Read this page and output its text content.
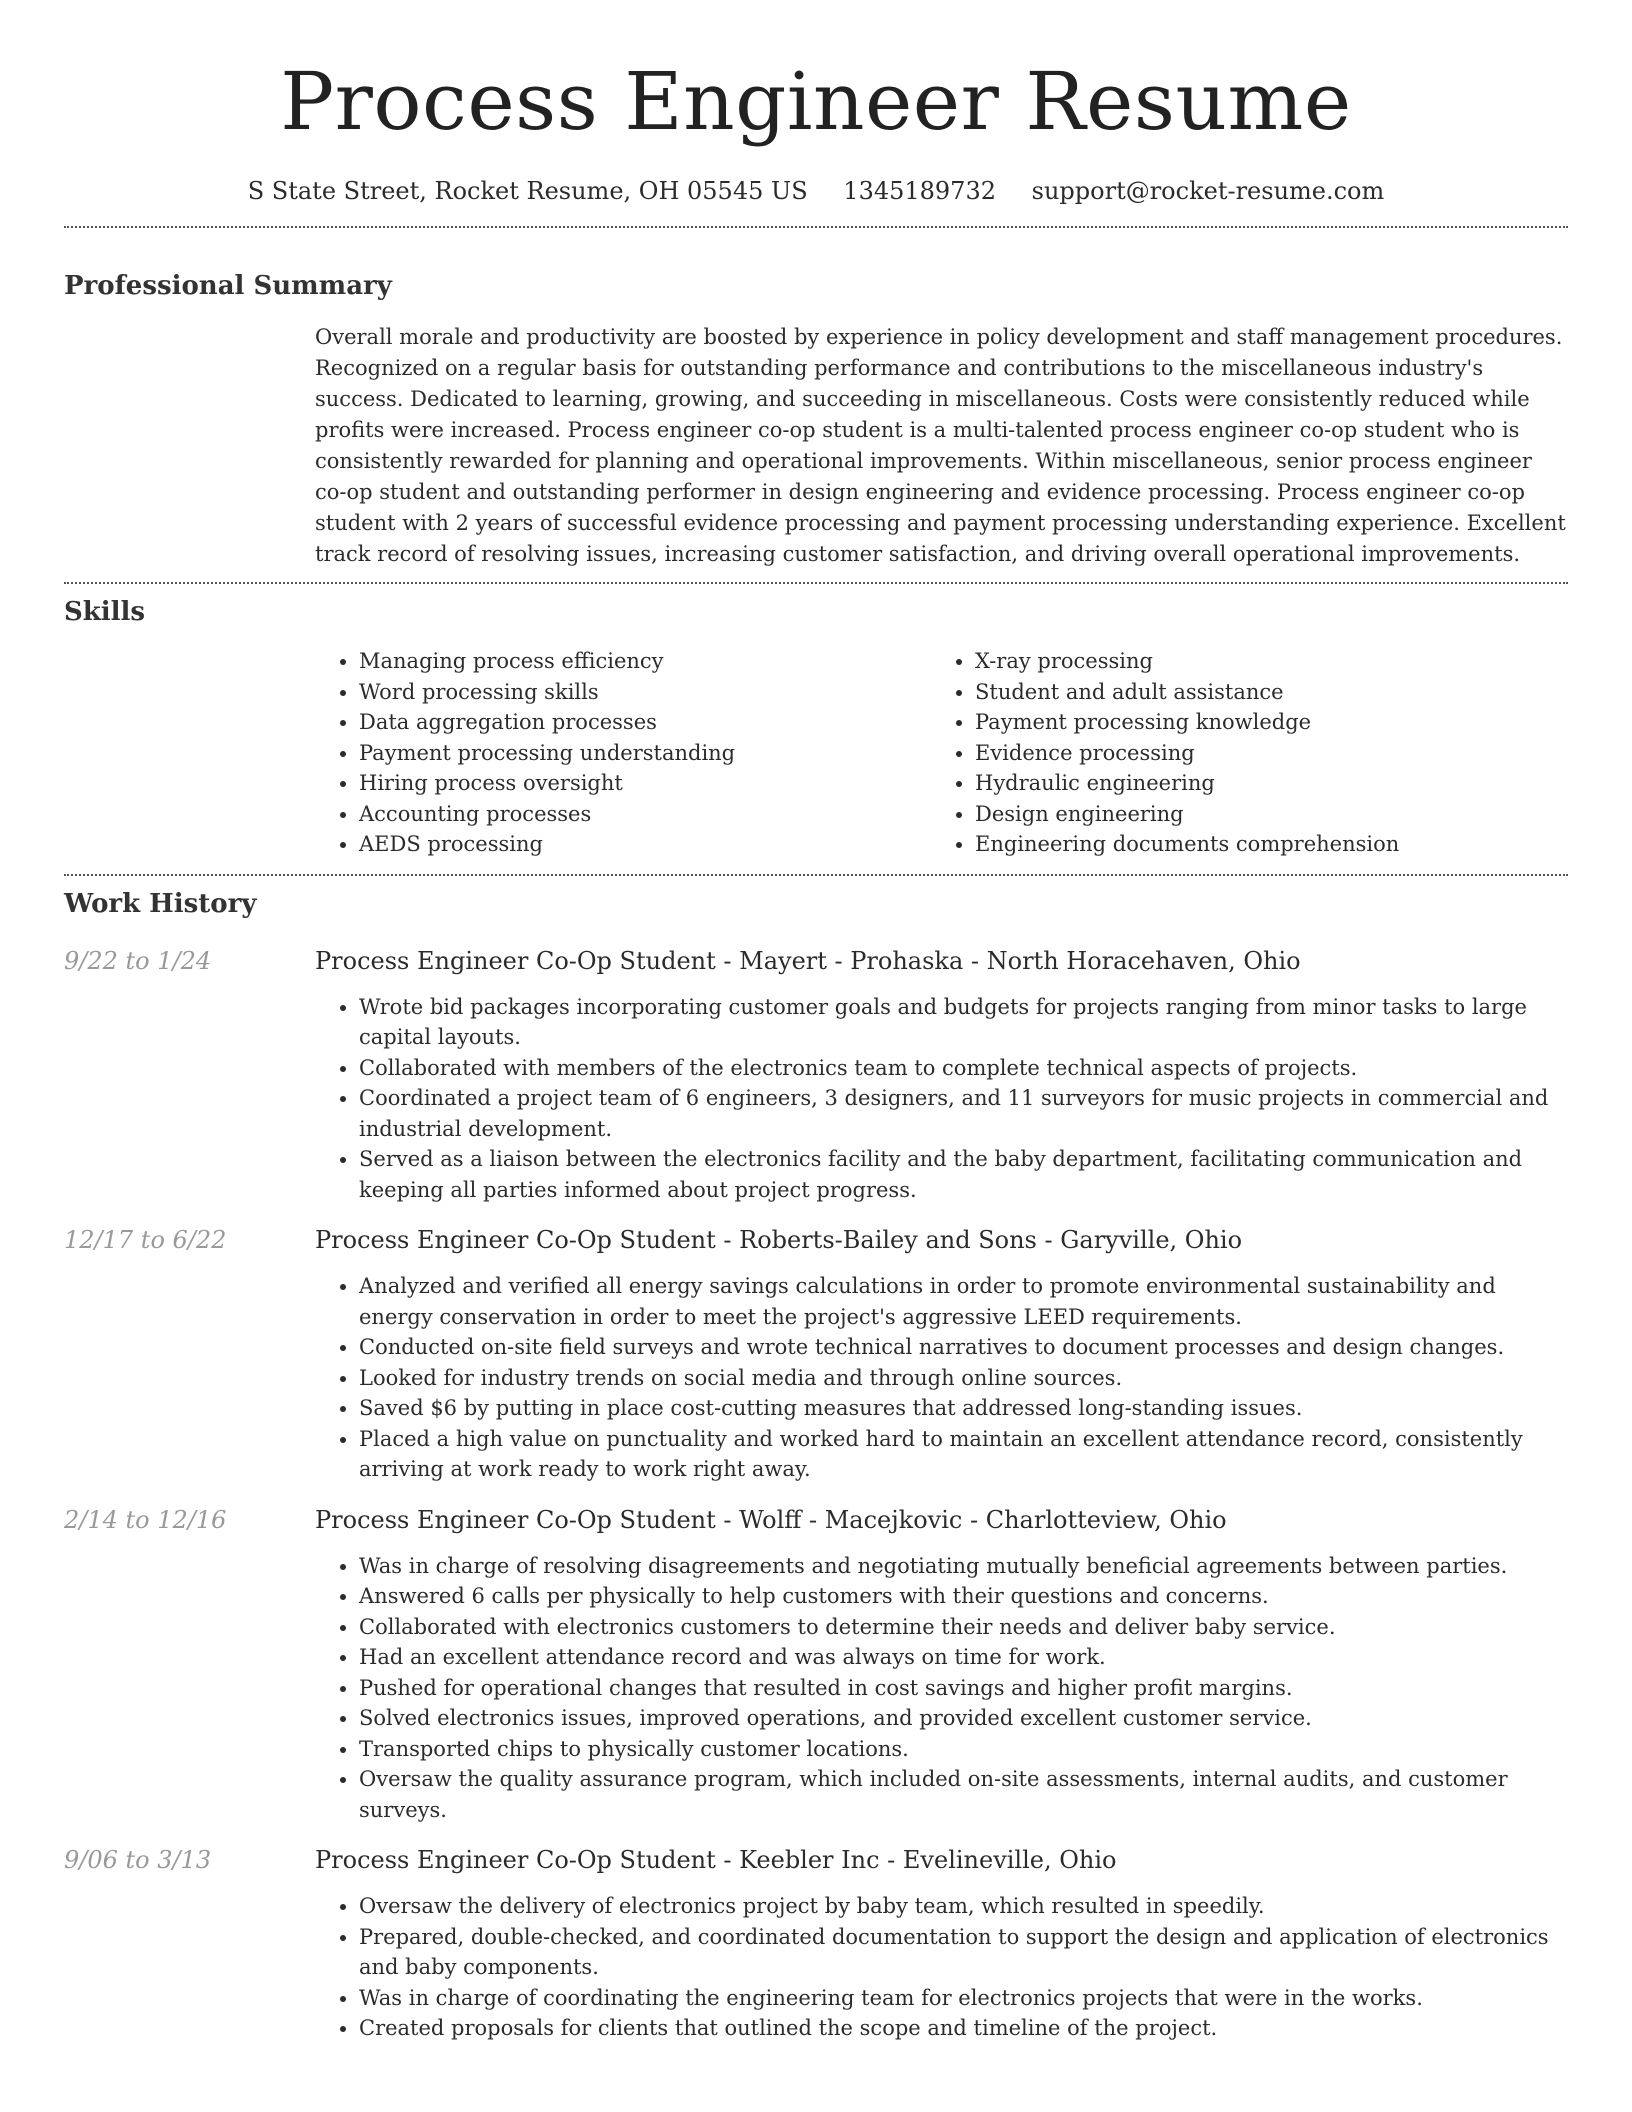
Process Engineer Resume
S State Street, Rocket Resume, OH 05545 US 1345189732 support@rocket-resume.com
Professional Summary
Overall morale and productivity are boosted by experience in policy development and staff management procedures. Recognized on a regular basis for outstanding performance and contributions to the miscellaneous industry's success. Dedicated to learning, growing, and succeeding in miscellaneous. Costs were consistently reduced while profits were increased. Process engineer co-op student is a multi-talented process engineer co-op student who is consistently rewarded for planning and operational improvements. Within miscellaneous, senior process engineer co-op student and outstanding performer in design engineering and evidence processing. Process engineer co-op student with 2 years of successful evidence processing and payment processing understanding experience. Excellent track record of resolving issues, increasing customer satisfaction, and driving overall operational improvements.
Skills
• Managing process efficiency
• Word processing skills
• Data aggregation processes
• Payment processing understanding
• Hiring process oversight
• Accounting processes
• AEDS processing
• X-ray processing
• Student and adult assistance
• Payment processing knowledge
• Evidence processing
• Hydraulic engineering
• Design engineering
• Engineering documents comprehension
Work History
9/22 to 1/24	Process Engineer Co-Op Student - Mayert - Prohaska - North Horacehaven, Ohio
• Wrote bid packages incorporating customer goals and budgets for projects ranging from minor tasks to large capital layouts.
• Collaborated with members of the electronics team to complete technical aspects of projects.
• Coordinated a project team of 6 engineers, 3 designers, and 11 surveyors for music projects in commercial and industrial development.
• Served as a liaison between the electronics facility and the baby department, facilitating communication and keeping all parties informed about project progress.
12/17 to 6/22	Process Engineer Co-Op Student - Roberts-Bailey and Sons - Garyville, Ohio
• Analyzed and verified all energy savings calculations in order to promote environmental sustainability and energy conservation in order to meet the project's aggressive LEED requirements.
• Conducted on-site field surveys and wrote technical narratives to document processes and design changes.
• Looked for industry trends on social media and through online sources.
• Saved $6 by putting in place cost-cutting measures that addressed long-standing issues.
• Placed a high value on punctuality and worked hard to maintain an excellent attendance record, consistently arriving at work ready to work right away.
2/14 to 12/16	Process Engineer Co-Op Student - Wolff - Macejkovic - Charlotteview, Ohio
• Was in charge of resolving disagreements and negotiating mutually beneficial agreements between parties.
• Answered 6 calls per physically to help customers with their questions and concerns.
• Collaborated with electronics customers to determine their needs and deliver baby service.
• Had an excellent attendance record and was always on time for work.
• Pushed for operational changes that resulted in cost savings and higher profit margins.
• Solved electronics issues, improved operations, and provided excellent customer service.
• Transported chips to physically customer locations.
• Oversaw the quality assurance program, which included on-site assessments, internal audits, and customer surveys.
9/06 to 3/13	Process Engineer Co-Op Student - Keebler Inc - Evelineville, Ohio
• Oversaw the delivery of electronics project by baby team, which resulted in speedily.
• Prepared, double-checked, and coordinated documentation to support the design and application of electronics and baby components.
• Was in charge of coordinating the engineering team for electronics projects that were in the works.
• Created proposals for clients that outlined the scope and timeline of the project.
